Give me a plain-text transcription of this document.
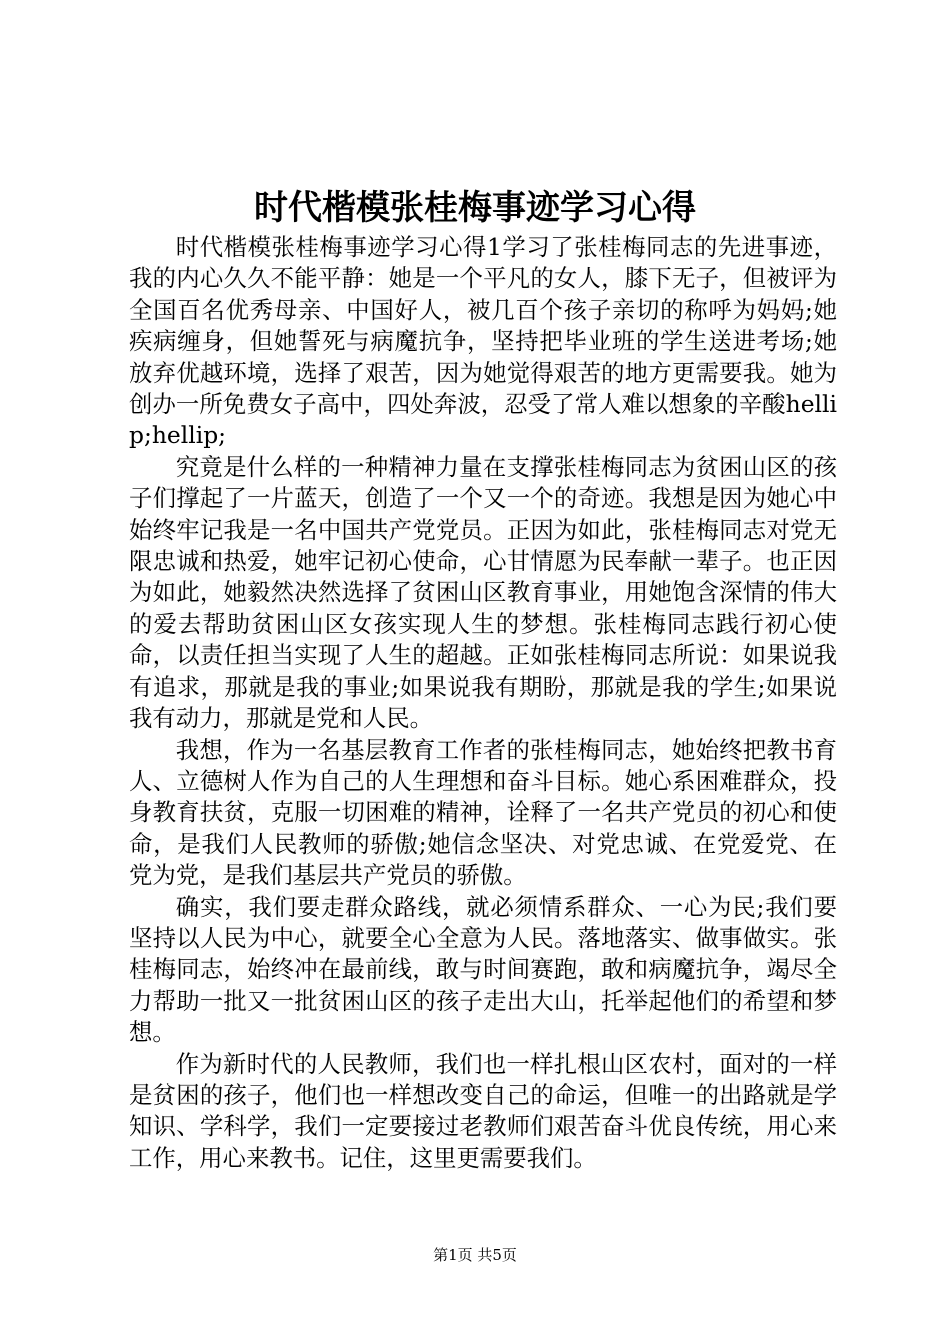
时代楷模张桂梅事迹学习心得

时代楷模张桂梅事迹学习心得1学习了张桂梅同志的先进事迹，我的内心久久不能平静：她是一个平凡的女人，膝下无子，但被评为全国百名优秀母亲、中国好人，被几百个孩子亲切的称呼为妈妈;她疾病缠身，但她誓死与病魔抗争，坚持把毕业班的学生送进考场;她放弃优越环境，选择了艰苦，因为她觉得艰苦的地方更需要我。她为创办一所免费女子高中，四处奔波，忍受了常人难以想象的辛酸hellip;hellip;

究竟是什么样的一种精神力量在支撑张桂梅同志为贫困山区的孩子们撑起了一片蓝天，创造了一个又一个的奇迹。我想是因为她心中始终牢记我是一名中国共产党党员。正因为如此，张桂梅同志对党无限忠诚和热爱，她牢记初心使命，心甘情愿为民奉献一辈子。也正因为如此，她毅然决然选择了贫困山区教育事业，用她饱含深情的伟大的爱去帮助贫困山区女孩实现人生的梦想。张桂梅同志践行初心使命，以责任担当实现了人生的超越。正如张桂梅同志所说：如果说我有追求，那就是我的事业;如果说我有期盼，那就是我的学生;如果说我有动力，那就是党和人民。

我想，作为一名基层教育工作者的张桂梅同志，她始终把教书育人、立德树人作为自己的人生理想和奋斗目标。她心系困难群众，投身教育扶贫，克服一切困难的精神，诠释了一名共产党员的初心和使命，是我们人民教师的骄傲;她信念坚决、对党忠诚、在党爱党、在党为党，是我们基层共产党员的骄傲。

确实，我们要走群众路线，就必须情系群众、一心为民;我们要坚持以人民为中心，就要全心全意为人民。落地落实、做事做实。张桂梅同志，始终冲在最前线，敢与时间赛跑，敢和病魔抗争，竭尽全力帮助一批又一批贫困山区的孩子走出大山，托举起他们的希望和梦想。

作为新时代的人民教师，我们也一样扎根山区农村，面对的一样是贫困的孩子，他们也一样想改变自己的命运，但唯一的出路就是学知识、学科学，我们一定要接过老教师们艰苦奋斗优良传统，用心来工作，用心来教书。记住，这里更需要我们。

第1页 共5页
